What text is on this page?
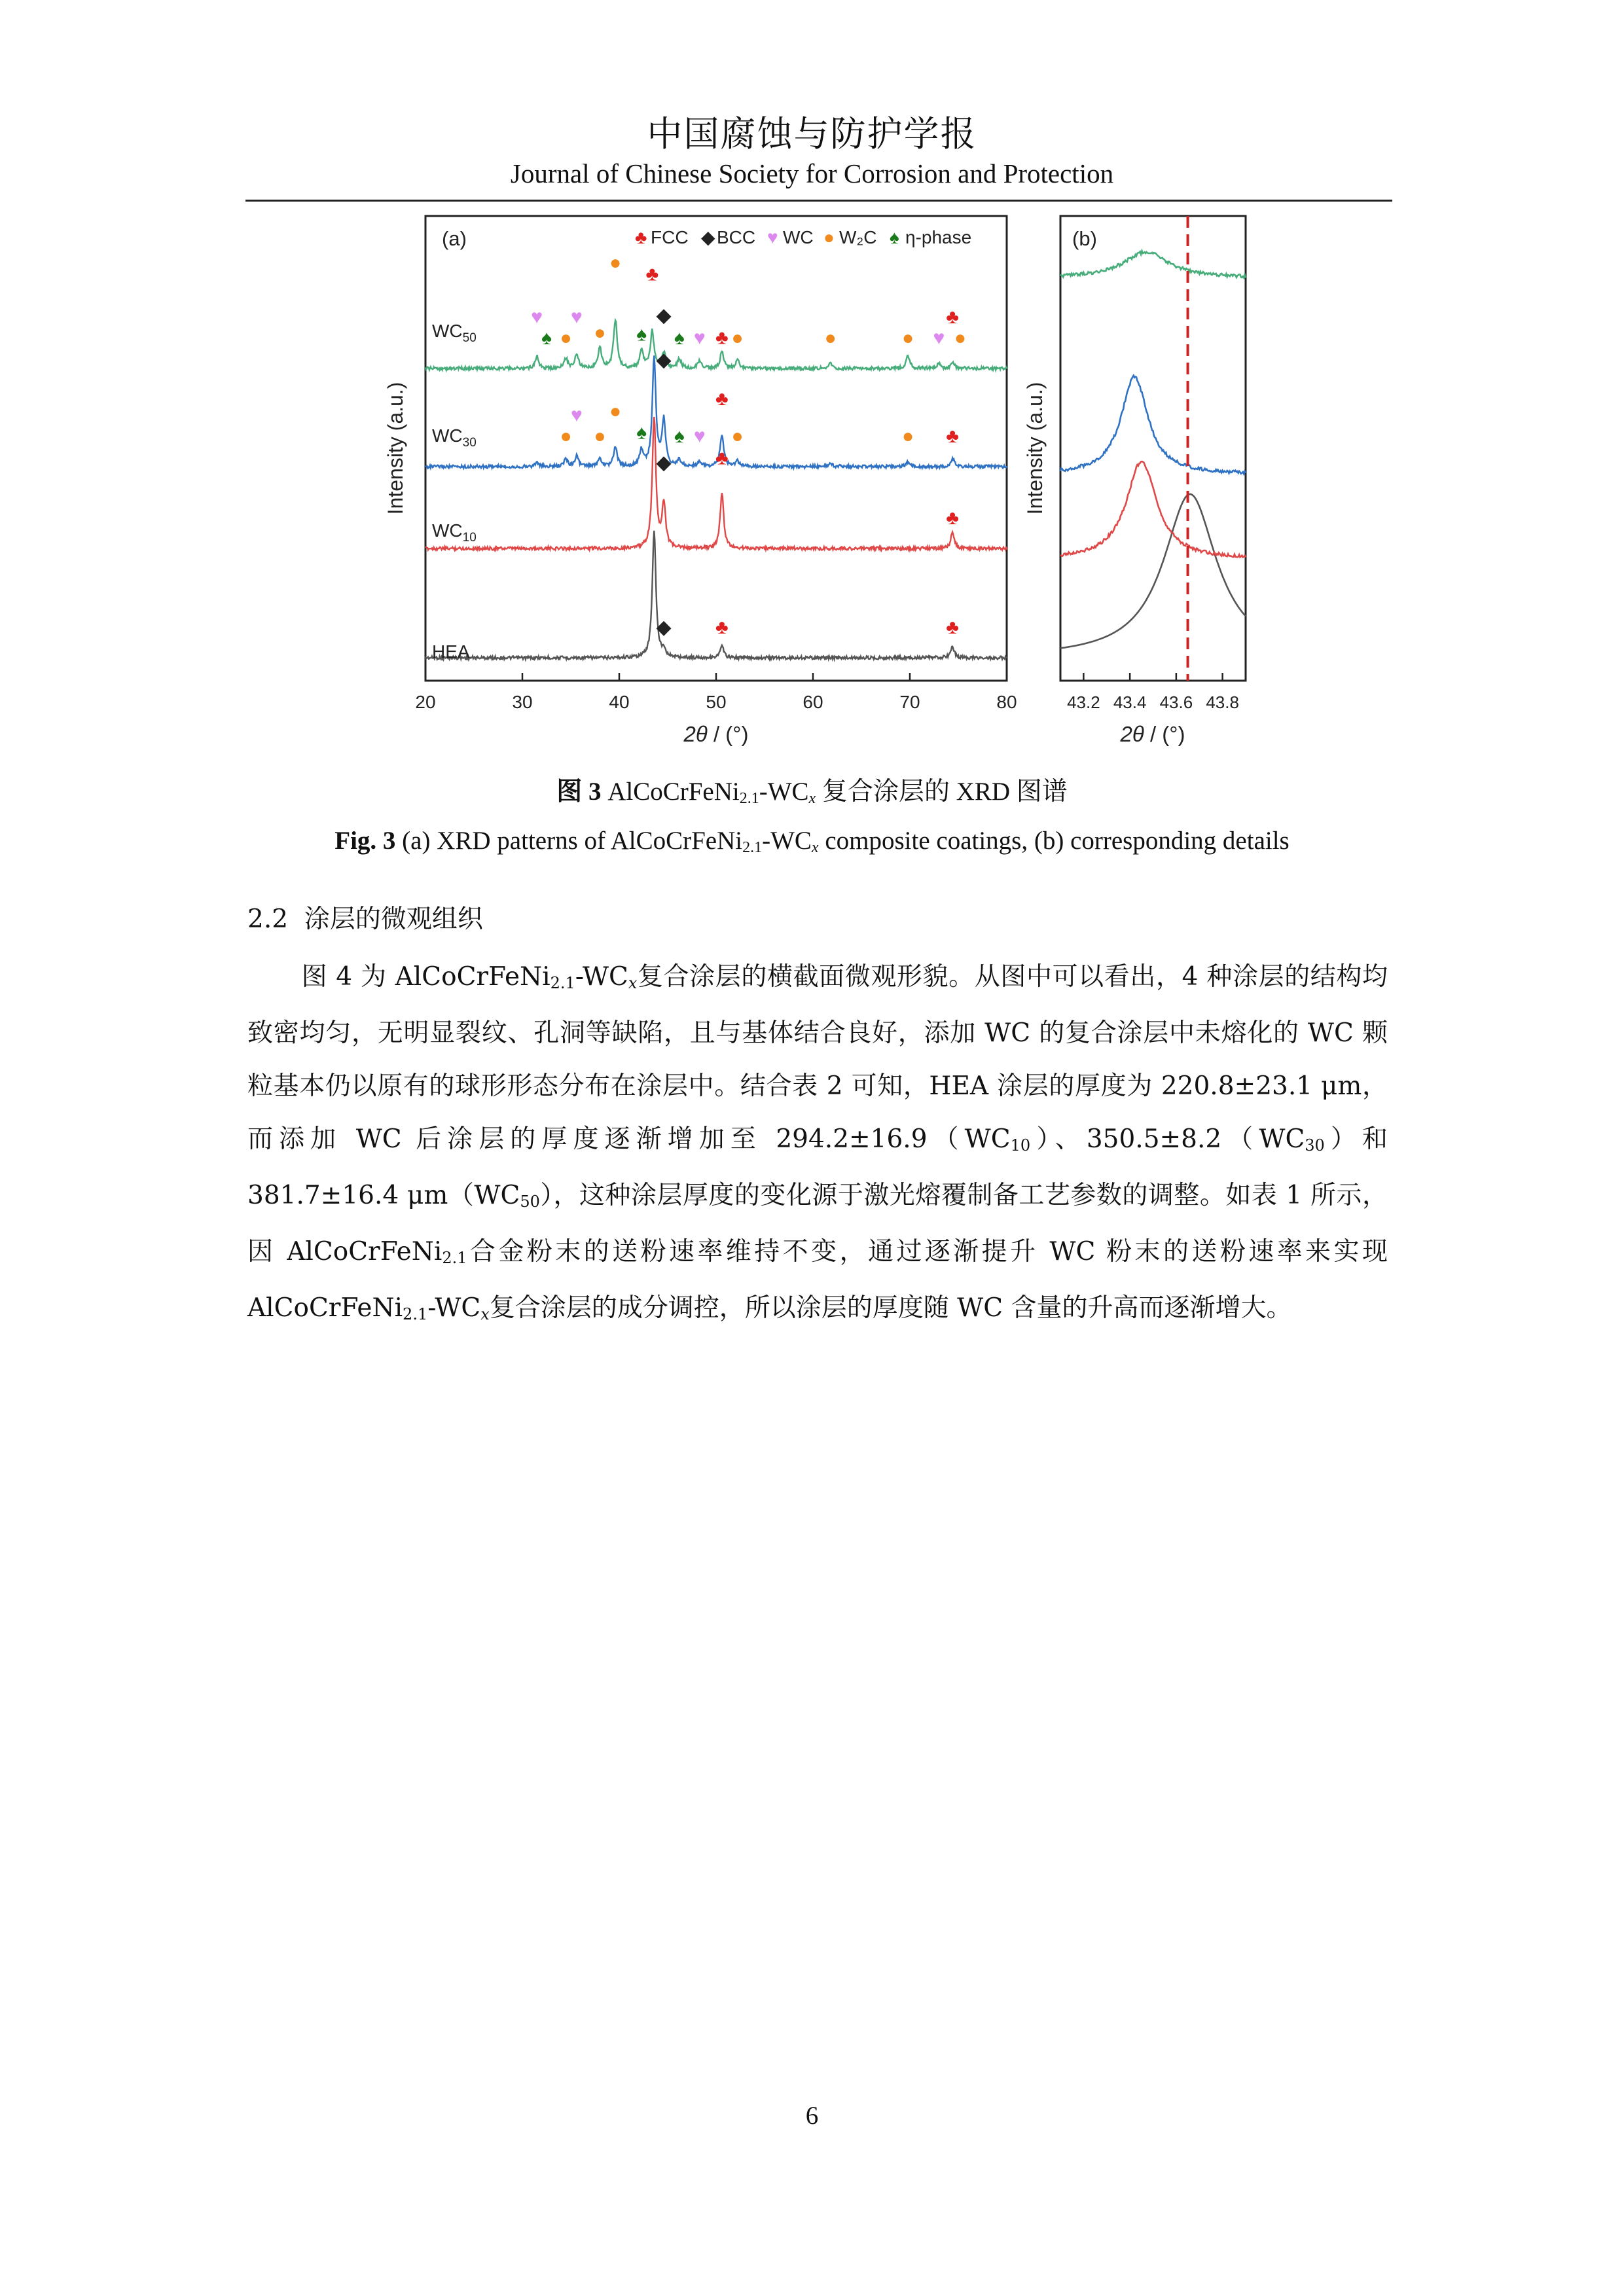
中国腐蚀与防护学报
Journal of Chinese Society for Corrosion and Protection
(a)	♣ FCC ◆ BCC ♥ WC ● W₂C ♠ η-phase
HEA
$WC_{10}$
$WC_{30}$
$WC_{50}$
♥
♠ ●
♥
●
●
♠
♣
◆
♠ ♥ ♣ ●	●	● ♥
♣
●
♥
● ●
●
♠
◆
♠ ♥
♣
●	● ♣
◆ ♣
♣
◆ ♣	♣
20	30	40	50	60	70	80
Intensity (a.u.)
2θ / (°)
(b)
43.2 43.4 43.6 43.8
Intensity (a.u.)
2θ / (°)
图 3 $AlCoCrFeNi_{2.1}-WC_x$ 复合涂层的 XRD 图谱
Fig. 3 (a) XRD patterns of $AlCoCrFeNi_{2.1}-WC_x$ composite coatings, (b) corresponding details
2.2 涂层的微观组织
图 4 为 $AlCoCrFeNi_{2.1}-WC_x$复合涂层的横截面微观形貌。从图中可以看出，4 种涂层的结构均致密均匀，无明显裂纹、孔洞等缺陷，且与基体结合良好，添加 WC 的复合涂层中未熔化的 WC 颗粒基本仍以原有的球形形态分布在涂层中。结合表 2 可知，HEA 涂层的厚度为 220.8±23.1 μm，而添加 WC 后涂层的厚度逐渐增加至 $294.2\pm 16.9(WC_{10})$、$350.5\pm 8.2(WC_{30})$和 381.7±16.4 $\mu m(WC_{50})$，这种涂层厚度的变化源于激光熔覆制备工艺参数的调整。如表 1 所示，因 AlCoCrFeNi$_{2.1}$合金粉末的送粉速率维持不变，通过逐渐提升 WC 粉末的送粉速率来实现 $AlCoCrFeNi_{2.1}-WC_x$复合涂层的成分调控，所以涂层的厚度随 WC 含量的升高而逐渐增大。
6
